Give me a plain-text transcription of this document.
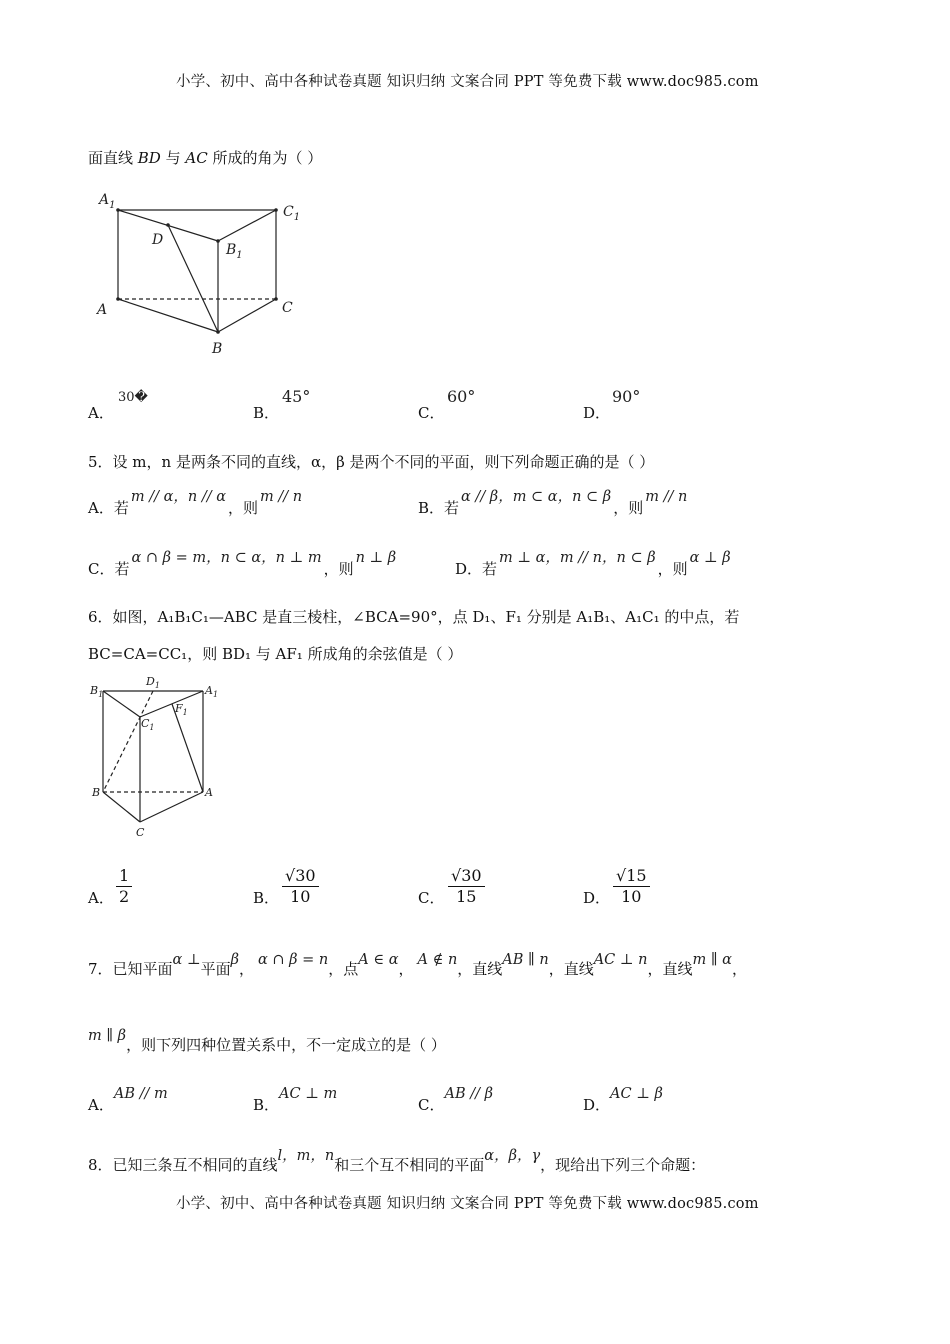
小学、初中、高中各种试卷真题 知识归纳 文案合同 PPT 等免费下载 www.doc985.com
面直线 BD 与 AC 所成的角为（ ）
$A_1$	$C_1$
D
$B_1$
A	C
B
A．
30�
B．
45°
C．
60°
D．
90°
5．设 m，n 是两条不同的直线，α，β 是两个不同的平面，则下列命题正确的是（ ）
A．若m // α，n // α，则m // n
B．若α // β，m ⊂ α，n ⊂ β，则m // n
C．若α ∩ β = m，n ⊂ α，n ⊥ m，则n ⊥ β
D．若m ⊥ α，m // n，n ⊂ β，则α ⊥ β
6．如图，A₁B₁C₁—ABC 是直三棱柱，∠BCA=90°，点 D₁、F₁ 分别是 A₁B₁、A₁C₁ 的中点，若
BC=CA=CC₁，则 BD₁ 与 AF₁ 所成角的余弦值是（ ）
$B_1$
$D_1$	$A_1$
$F_1$
$C_1$
B	A
C
A． $\frac{1}{2}$	B． $\frac{√30}{10}$	C． $\frac{√30}{15}$	D． $\frac{√15}{10}$
7．已知平面α ⊥平面β， α ∩ β = n，点A ∈ α， A ∉ n，直线AB ∥ n，直线AC ⊥ n，直线m ∥ α，
m ∥ β，则下列四种位置关系中，不一定成立的是（ ）
A．AB // m
B．AC ⊥ m
C．AB // β
D．AC ⊥ β
8．已知三条互不相同的直线l，m，n和三个互不相同的平面α，β，γ，现给出下列三个命题：
小学、初中、高中各种试卷真题 知识归纳 文案合同 PPT 等免费下载 www.doc985.com
